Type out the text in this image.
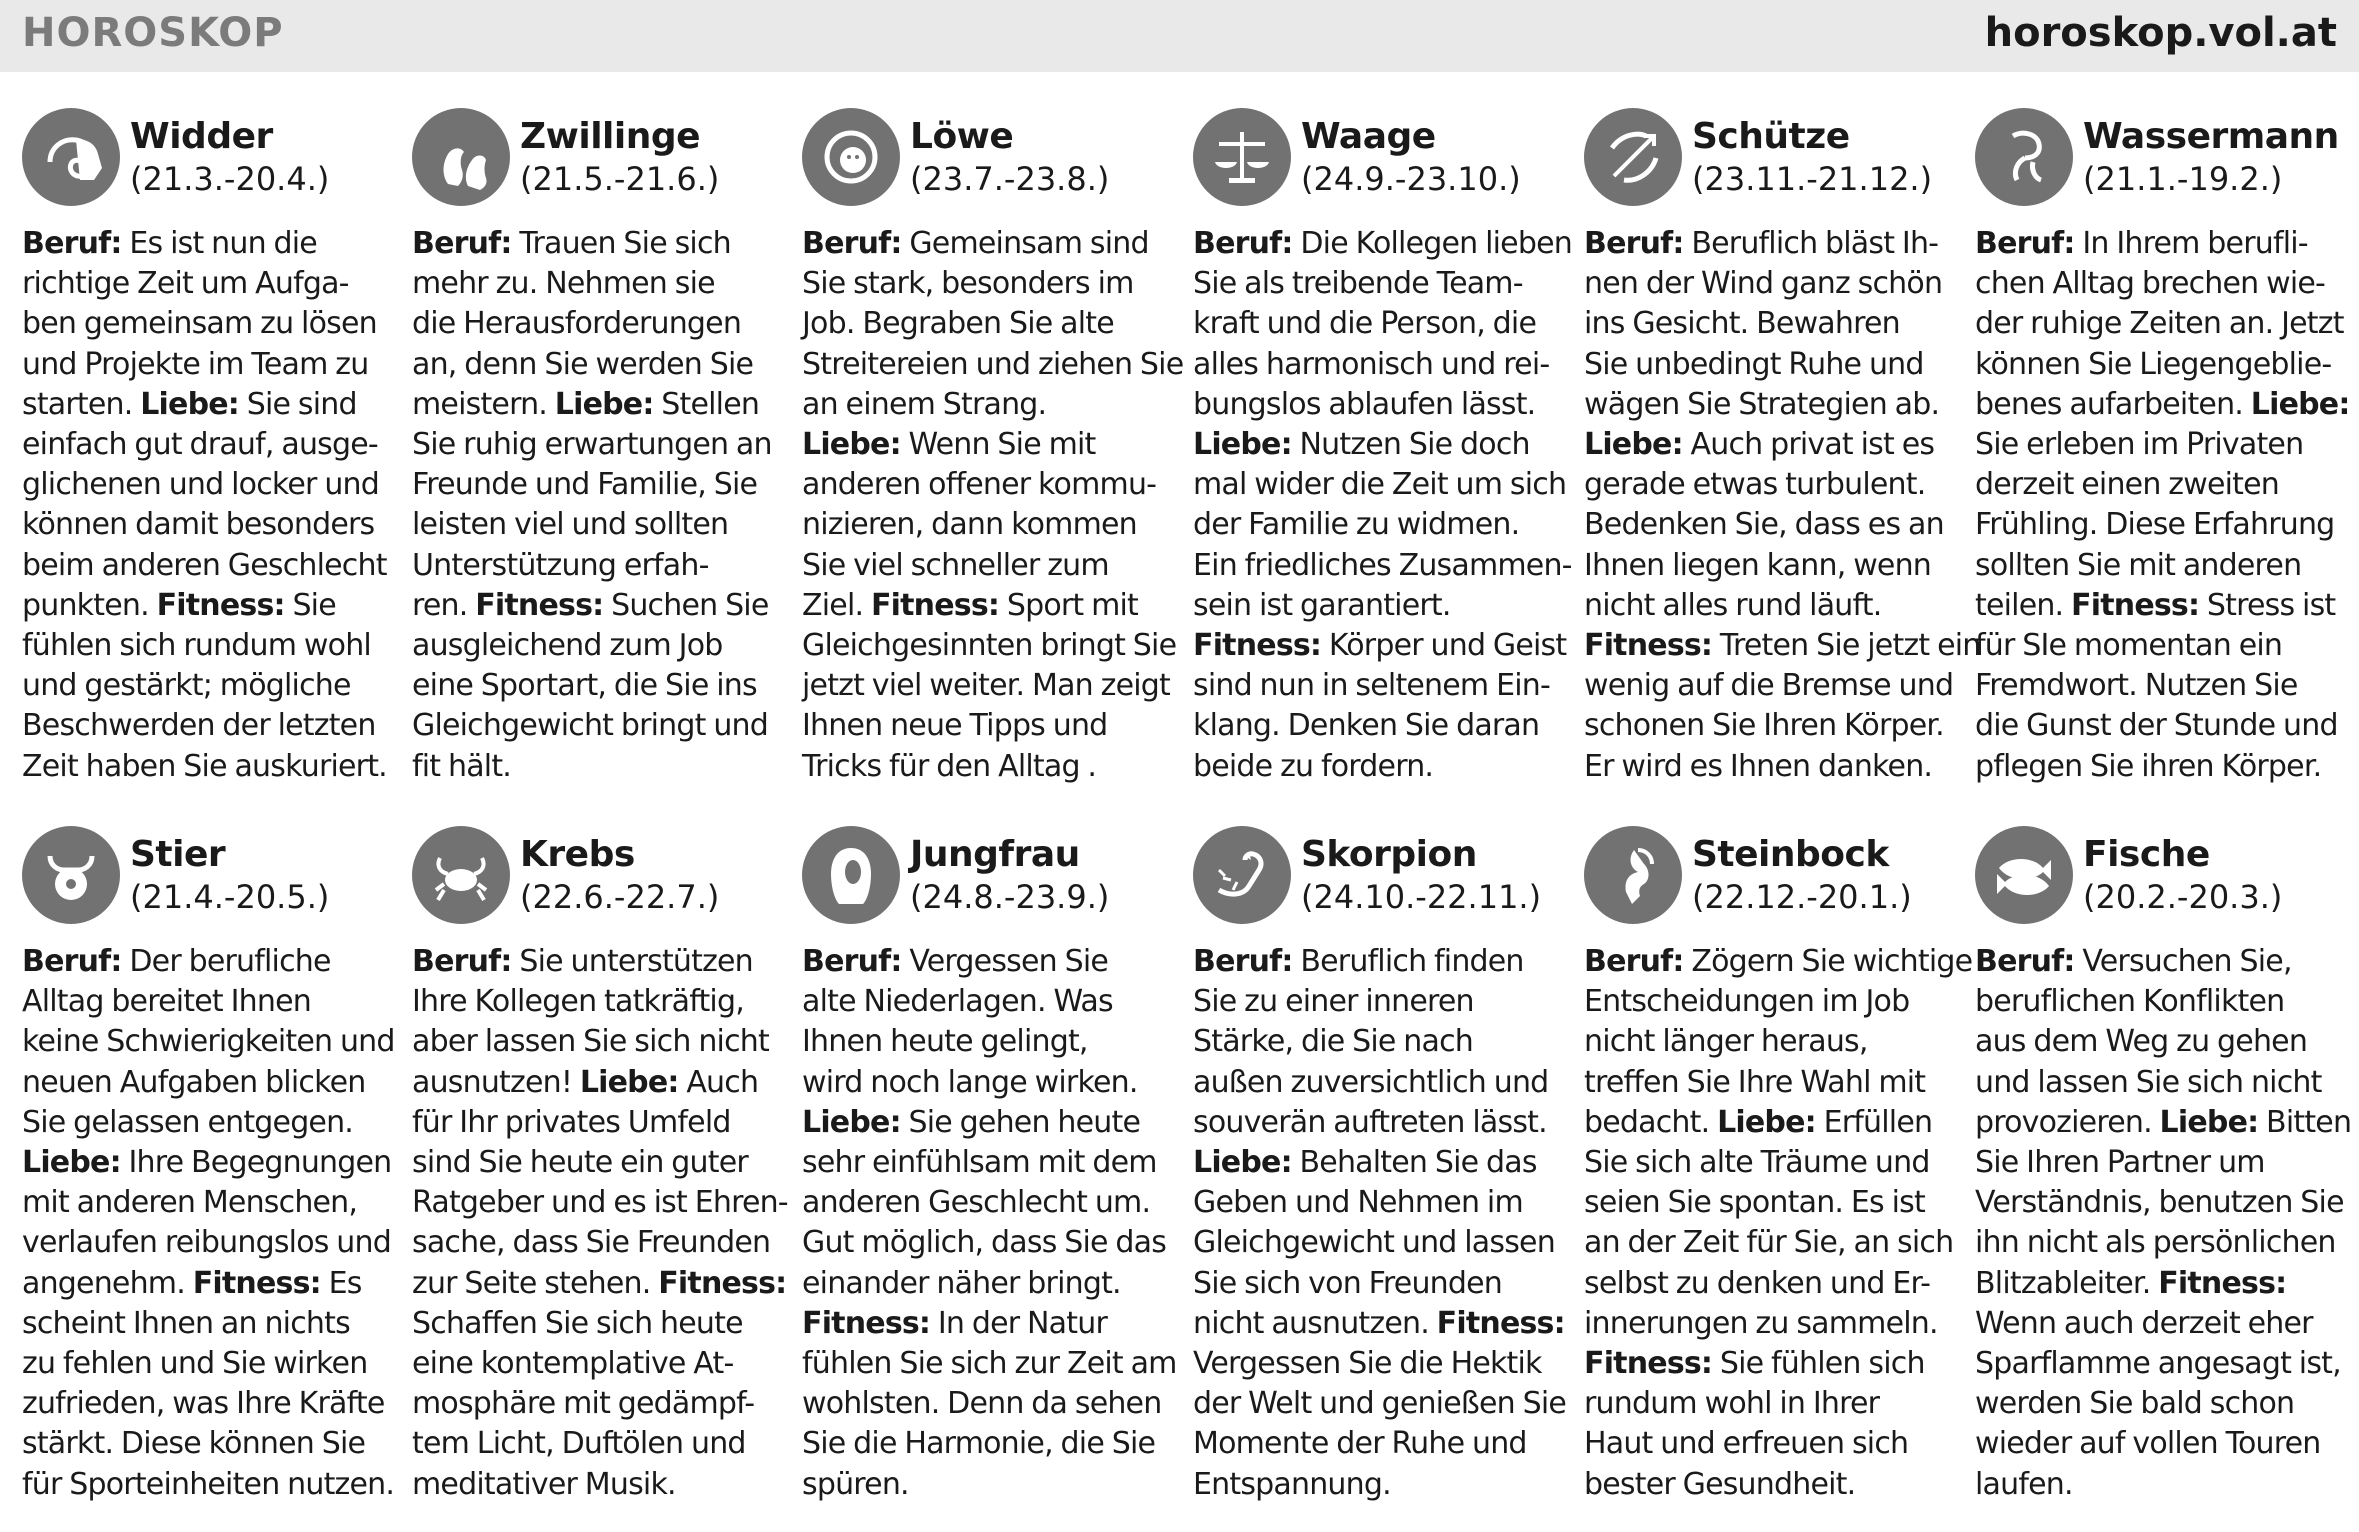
HOROSKOP	horoskop.vol.at
Widder
(21.3.-20.4.)
Beruf: Es ist nun die
richtige Zeit um Aufga-
ben gemeinsam zu lösen
und Projekte im Team zu
starten. Liebe: Sie sind
einfach gut drauf, ausge-
glichenen und locker und
können damit besonders
beim anderen Geschlecht
punkten. Fitness: Sie
fühlen sich rundum wohl
und gestärkt; mögliche
Beschwerden der letzten
Zeit haben Sie auskuriert.
Zwillinge
(21.5.-21.6.)
Beruf: Trauen Sie sich
mehr zu. Nehmen sie
die Herausforderungen
an, denn Sie werden Sie
meistern. Liebe: Stellen
Sie ruhig erwartungen an
Freunde und Familie, Sie
leisten viel und sollten
Unterstützung erfah-
ren. Fitness: Suchen Sie
ausgleichend zum Job
eine Sportart, die Sie ins
Gleichgewicht bringt und
fit hält.
Löwe
(23.7.-23.8.)
Beruf: Gemeinsam sind
Sie stark, besonders im
Job. Begraben Sie alte
Streitereien und ziehen Sie
an einem Strang.
Liebe: Wenn Sie mit
anderen offener kommu-
nizieren, dann kommen
Sie viel schneller zum
Ziel. Fitness: Sport mit
Gleichgesinnten bringt Sie
jetzt viel weiter. Man zeigt
Ihnen neue Tipps und
Tricks für den Alltag .
Waage
(24.9.-23.10.)
Beruf: Die Kollegen lieben
Sie als treibende Team-
kraft und die Person, die
alles harmonisch und rei-
bungslos ablaufen lässt.
Liebe: Nutzen Sie doch
mal wider die Zeit um sich
der Familie zu widmen.
Ein friedliches Zusammen-
sein ist garantiert.
Fitness: Körper und Geist
sind nun in seltenem Ein-
klang. Denken Sie daran
beide zu fordern.
Schütze
(23.11.-21.12.)
Beruf: Beruflich bläst Ih-
nen der Wind ganz schön
ins Gesicht. Bewahren
Sie unbedingt Ruhe und
wägen Sie Strategien ab.
Liebe: Auch privat ist es
gerade etwas turbulent.
Bedenken Sie, dass es an
Ihnen liegen kann, wenn
nicht alles rund läuft.
Fitness: Treten Sie jetzt ein
wenig auf die Bremse und
schonen Sie Ihren Körper.
Er wird es Ihnen danken.
Wassermann
(21.1.-19.2.)
Beruf: In Ihrem berufli-
chen Alltag brechen wie-
der ruhige Zeiten an. Jetzt
können Sie Liegengeblie-
benes aufarbeiten. Liebe:
Sie erleben im Privaten
derzeit einen zweiten
Frühling. Diese Erfahrung
sollten Sie mit anderen
teilen. Fitness: Stress ist
für SIe momentan ein
Fremdwort. Nutzen Sie
die Gunst der Stunde und
pflegen Sie ihren Körper.
Stier
(21.4.-20.5.)
Beruf: Der berufliche
Alltag bereitet Ihnen
keine Schwierigkeiten und
neuen Aufgaben blicken
Sie gelassen entgegen.
Liebe: Ihre Begegnungen
mit anderen Menschen,
verlaufen reibungslos und
angenehm. Fitness: Es
scheint Ihnen an nichts
zu fehlen und Sie wirken
zufrieden, was Ihre Kräfte
stärkt. Diese können Sie
für Sporteinheiten nutzen.
Krebs
(22.6.-22.7.)
Beruf: Sie unterstützen
Ihre Kollegen tatkräftig,
aber lassen Sie sich nicht
ausnutzen! Liebe: Auch
für Ihr privates Umfeld
sind Sie heute ein guter
Ratgeber und es ist Ehren-
sache, dass Sie Freunden
zur Seite stehen. Fitness:
Schaffen Sie sich heute
eine kontemplative At-
mosphäre mit gedämpf-
tem Licht, Duftölen und
meditativer Musik.
Jungfrau
(24.8.-23.9.)
Beruf: Vergessen Sie
alte Niederlagen. Was
Ihnen heute gelingt,
wird noch lange wirken.
Liebe: Sie gehen heute
sehr einfühlsam mit dem
anderen Geschlecht um.
Gut möglich, dass Sie das
einander näher bringt.
Fitness: In der Natur
fühlen Sie sich zur Zeit am
wohlsten. Denn da sehen
Sie die Harmonie, die Sie
spüren.
Skorpion
(24.10.-22.11.)
Beruf: Beruflich finden
Sie zu einer inneren
Stärke, die Sie nach
außen zuversichtlich und
souverän auftreten lässt.
Liebe: Behalten Sie das
Geben und Nehmen im
Gleichgewicht und lassen
Sie sich von Freunden
nicht ausnutzen. Fitness:
Vergessen Sie die Hektik
der Welt und genießen Sie
Momente der Ruhe und
Entspannung.
Steinbock
(22.12.-20.1.)
Beruf: Zögern Sie wichtige
Entscheidungen im Job
nicht länger heraus,
treffen Sie Ihre Wahl mit
bedacht. Liebe: Erfüllen
Sie sich alte Träume und
seien Sie spontan. Es ist
an der Zeit für Sie, an sich
selbst zu denken und Er-
innerungen zu sammeln.
Fitness: Sie fühlen sich
rundum wohl in Ihrer
Haut und erfreuen sich
bester Gesundheit.
Fische
(20.2.-20.3.)
Beruf: Versuchen Sie,
beruflichen Konflikten
aus dem Weg zu gehen
und lassen Sie sich nicht
provozieren. Liebe: Bitten
Sie Ihren Partner um
Verständnis, benutzen Sie
ihn nicht als persönlichen
Blitzableiter. Fitness:
Wenn auch derzeit eher
Sparflamme angesagt ist,
werden Sie bald schon
wieder auf vollen Touren
laufen.
